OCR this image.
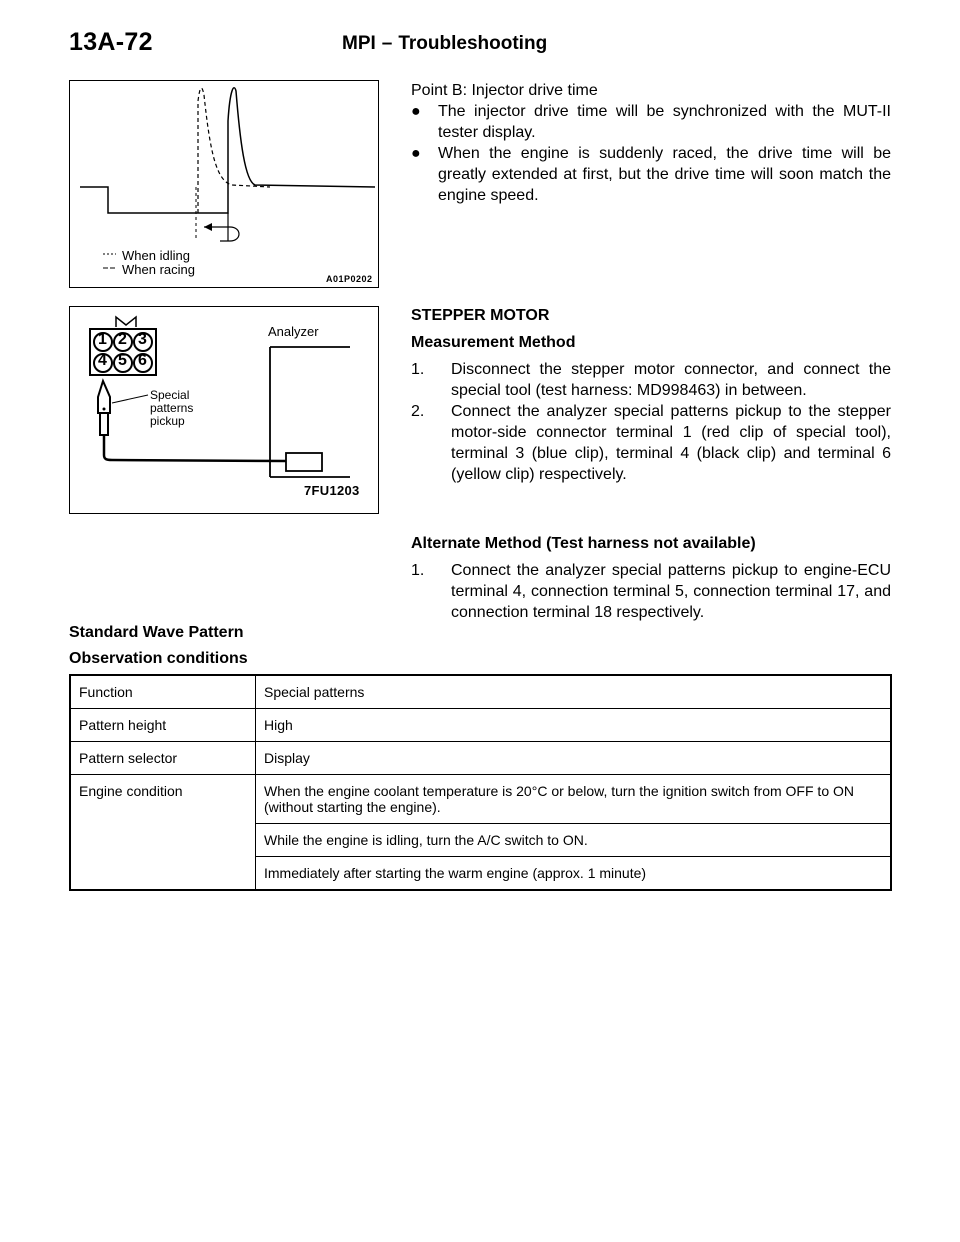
13A-72	MPI – Troubleshooting
When idling
When racing
A01P0202
1 2 3
4 5 6
Analyzer
Special
patterns
pickup
7FU1203
Point B: Injector drive time
● The injector drive time will be synchronized with the MUT-II tester display.
● When the engine is suddenly raced, the drive time will be greatly extended at first, but the drive time will soon match the engine speed.
STEPPER MOTOR
Measurement Method
1. Disconnect the stepper motor connector, and connect the special tool (test harness: MD998463) in between.
2. Connect the analyzer special patterns pickup to the stepper motor-side connector terminal 1 (red clip of special tool), terminal 3 (blue clip), terminal 4 (black clip) and terminal 6 (yellow clip) respectively.
Alternate Method (Test harness not available)
1. Connect the analyzer special patterns pickup to engine-ECU terminal 4, connection terminal 5, connection terminal 17, and connection terminal 18 respectively.
Standard Wave Pattern
Observation conditions
Function	Special patterns
Pattern height	High
Pattern selector	Display
Engine condition	When the engine coolant temperature is 20°C or below, turn the ignition switch from OFF to ON (without starting the engine).
	While the engine is idling, turn the A/C switch to ON.
	Immediately after starting the warm engine (approx. 1 minute)
